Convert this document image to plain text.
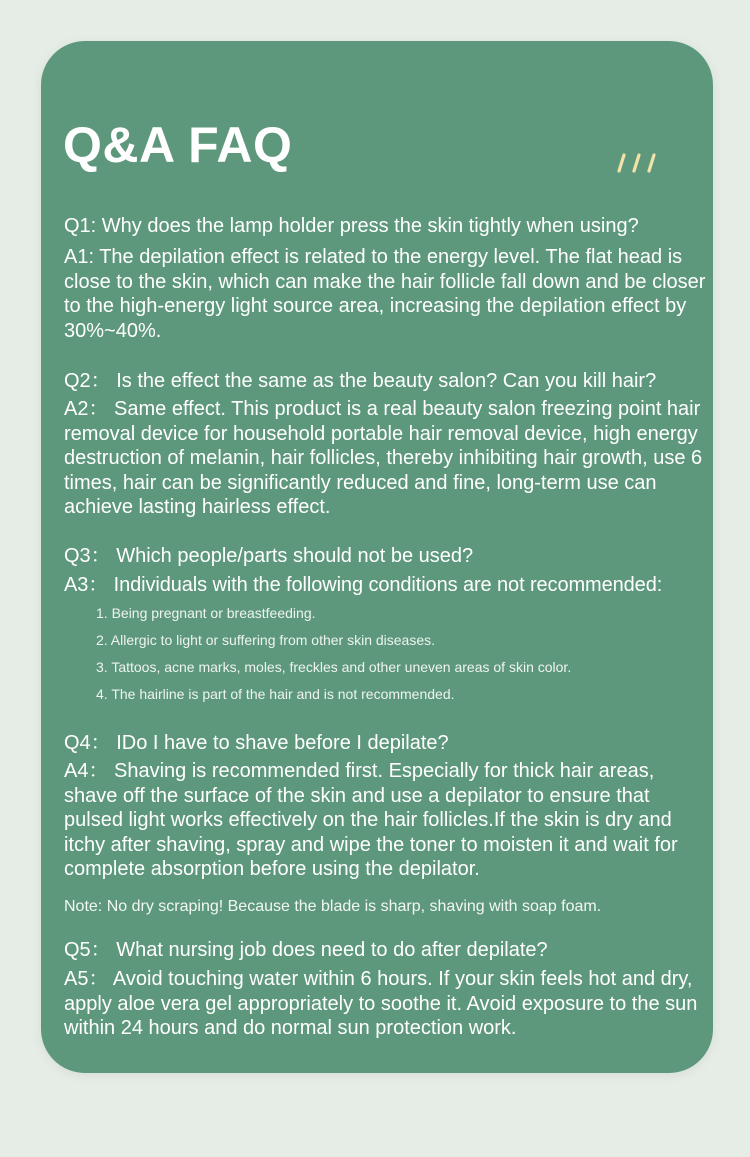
Q&A FAQ
Q1: Why does the lamp holder press the skin tightly when using?
A1: The depilation effect is related to the energy level. The flat head is close to the skin, which can make the hair follicle fall down and be closer to the high-energy light source area, increasing the depilation effect by 30%~40%.
Q2： Is the effect the same as the beauty salon? Can you kill hair?
A2： Same effect. This product is a real beauty salon freezing point hair removal device for household portable hair removal device, high energy destruction of melanin, hair follicles, thereby inhibiting hair growth, use 6 times, hair can be significantly reduced and fine, long-term use can achieve lasting hairless effect.
Q3： Which people/parts should not be used?
A3： Individuals with the following conditions are not recommended:
1. Being pregnant or breastfeeding.
2. Allergic to light or suffering from other skin diseases.
3. Tattoos, acne marks, moles, freckles and other uneven areas of skin color.
4. The hairline is part of the hair and is not recommended.
Q4： IDo I have to shave before I depilate?
A4： Shaving is recommended first. Especially for thick hair areas, shave off the surface of the skin and use a depilator to ensure that pulsed light works effectively on the hair follicles.If the skin is dry and itchy after shaving, spray and wipe the toner to moisten it and wait for complete absorption before using the depilator.
Note: No dry scraping! Because the blade is sharp, shaving with soap foam.
Q5： What nursing job does need to do after depilate?
A5： Avoid touching water within 6 hours. If your skin feels hot and dry, apply aloe vera gel appropriately to soothe it. Avoid exposure to the sun within 24 hours and do normal sun protection work.
